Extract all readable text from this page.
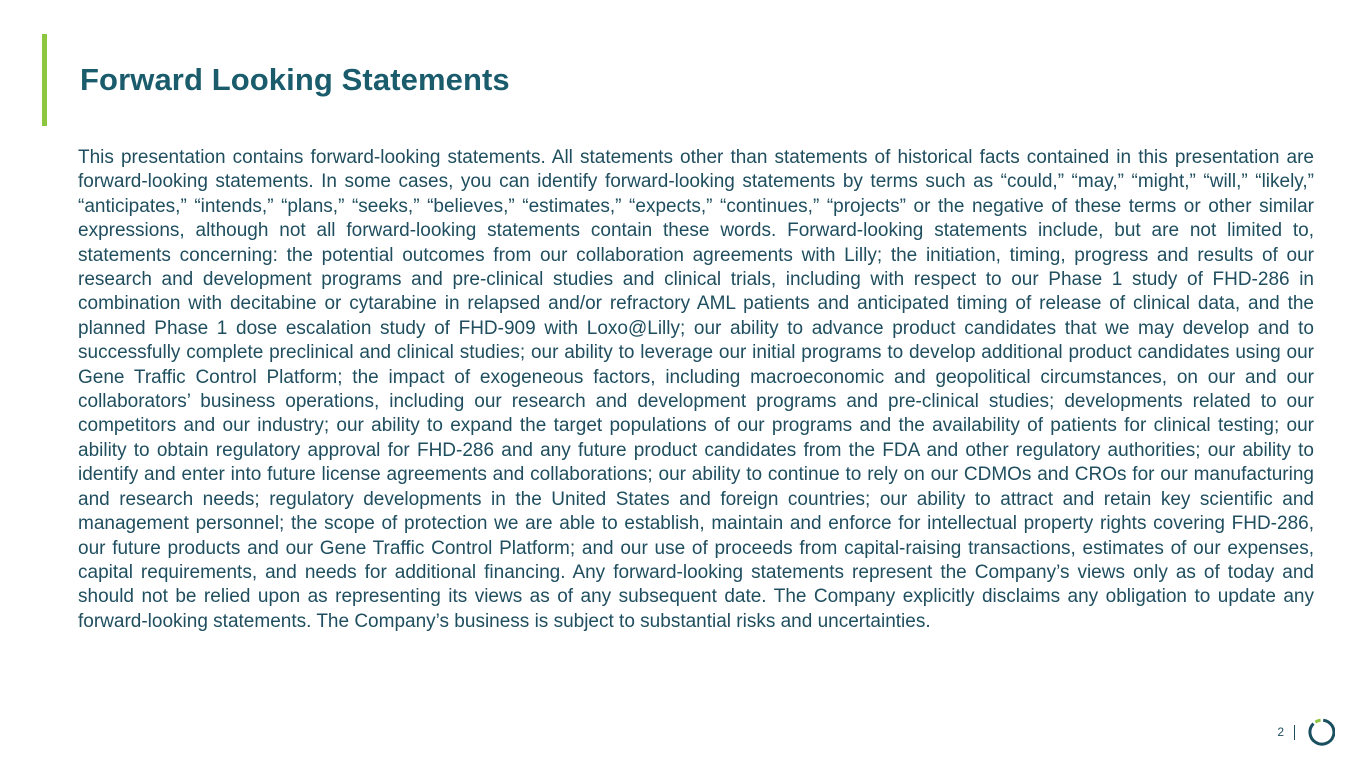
Forward Looking Statements

This presentation contains forward-looking statements. All statements other than statements of historical facts contained in this presentation are forward-looking statements. In some cases, you can identify forward-looking statements by terms such as “could,” “may,” “might,” “will,” “likely,” “anticipates,” “intends,” “plans,” “seeks,” “believes,” “estimates,” “expects,” “continues,” “projects” or the negative of these terms or other similar expressions, although not all forward-looking statements contain these words. Forward-looking statements include, but are not limited to, statements concerning: the potential outcomes from our collaboration agreements with Lilly; the initiation, timing, progress and results of our research and development programs and pre-clinical studies and clinical trials, including with respect to our Phase 1 study of FHD-286 in combination with decitabine or cytarabine in relapsed and/or refractory AML patients and anticipated timing of release of clinical data, and the planned Phase 1 dose escalation study of FHD-909 with Loxo@Lilly; our ability to advance product candidates that we may develop and to successfully complete preclinical and clinical studies; our ability to leverage our initial programs to develop additional product candidates using our Gene Traffic Control Platform; the impact of exogeneous factors, including macroeconomic and geopolitical circumstances, on our and our collaborators’ business operations, including our research and development programs and pre-clinical studies; developments related to our competitors and our industry; our ability to expand the target populations of our programs and the availability of patients for clinical testing; our ability to obtain regulatory approval for FHD-286 and any future product candidates from the FDA and other regulatory authorities; our ability to identify and enter into future license agreements and collaborations; our ability to continue to rely on our CDMOs and CROs for our manufacturing and research needs; regulatory developments in the United States and foreign countries; our ability to attract and retain key scientific and management personnel; the scope of protection we are able to establish, maintain and enforce for intellectual property rights covering FHD-286, our future products and our Gene Traffic Control Platform; and our use of proceeds from capital-raising transactions, estimates of our expenses, capital requirements, and needs for additional financing. Any forward-looking statements represent the Company’s views only as of today and should not be relied upon as representing its views as of any subsequent date. The Company explicitly disclaims any obligation to update any forward-looking statements. The Company’s business is subject to substantial risks and uncertainties.

2
